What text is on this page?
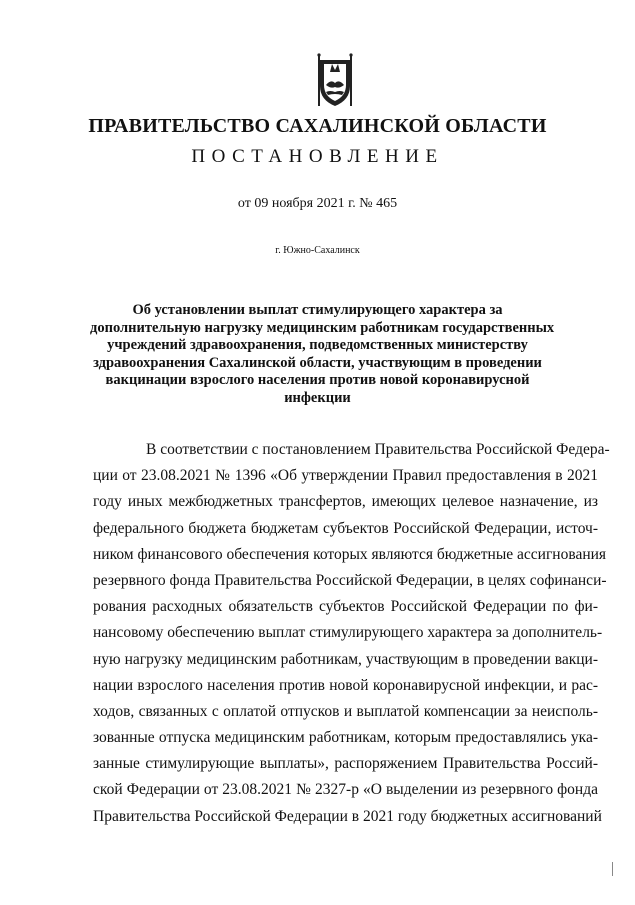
ПРАВИТЕЛЬСТВО САХАЛИНСКОЙ ОБЛАСТИ
ПОСТАНОВЛЕНИЕ
от 09 ноября 2021 г. № 465
г. Южно-Сахалинск
Об установлении выплат стимулирующего характера за
дополнительную нагрузку медицинским работникам государственных
учреждений здравоохранения, подведомственных министерству
здравоохранения Сахалинской области, участвующим в проведении
вакцинации взрослого населения против новой коронавирусной
инфекции
В соответствии с постановлением Правительства Российской Федера-
ции от 23.08.2021 № 1396 «Об утверждении Правил предоставления в 2021
году иных межбюджетных трансфертов, имеющих целевое назначение, из
федерального бюджета бюджетам субъектов Российской Федерации, источ-
ником финансового обеспечения которых являются бюджетные ассигнования
резервного фонда Правительства Российской Федерации, в целях софинанси-
рования расходных обязательств субъектов Российской Федерации по фи-
нансовому обеспечению выплат стимулирующего характера за дополнитель-
ную нагрузку медицинским работникам, участвующим в проведении вакци-
нации взрослого населения против новой коронавирусной инфекции, и рас-
ходов, связанных с оплатой отпусков и выплатой компенсации за неисполь-
зованные отпуска медицинским работникам, которым предоставлялись ука-
занные стимулирующие выплаты», распоряжением Правительства Россий-
ской Федерации от 23.08.2021 № 2327-р «О выделении из резервного фонда
Правительства Российской Федерации в 2021 году бюджетных ассигнований
